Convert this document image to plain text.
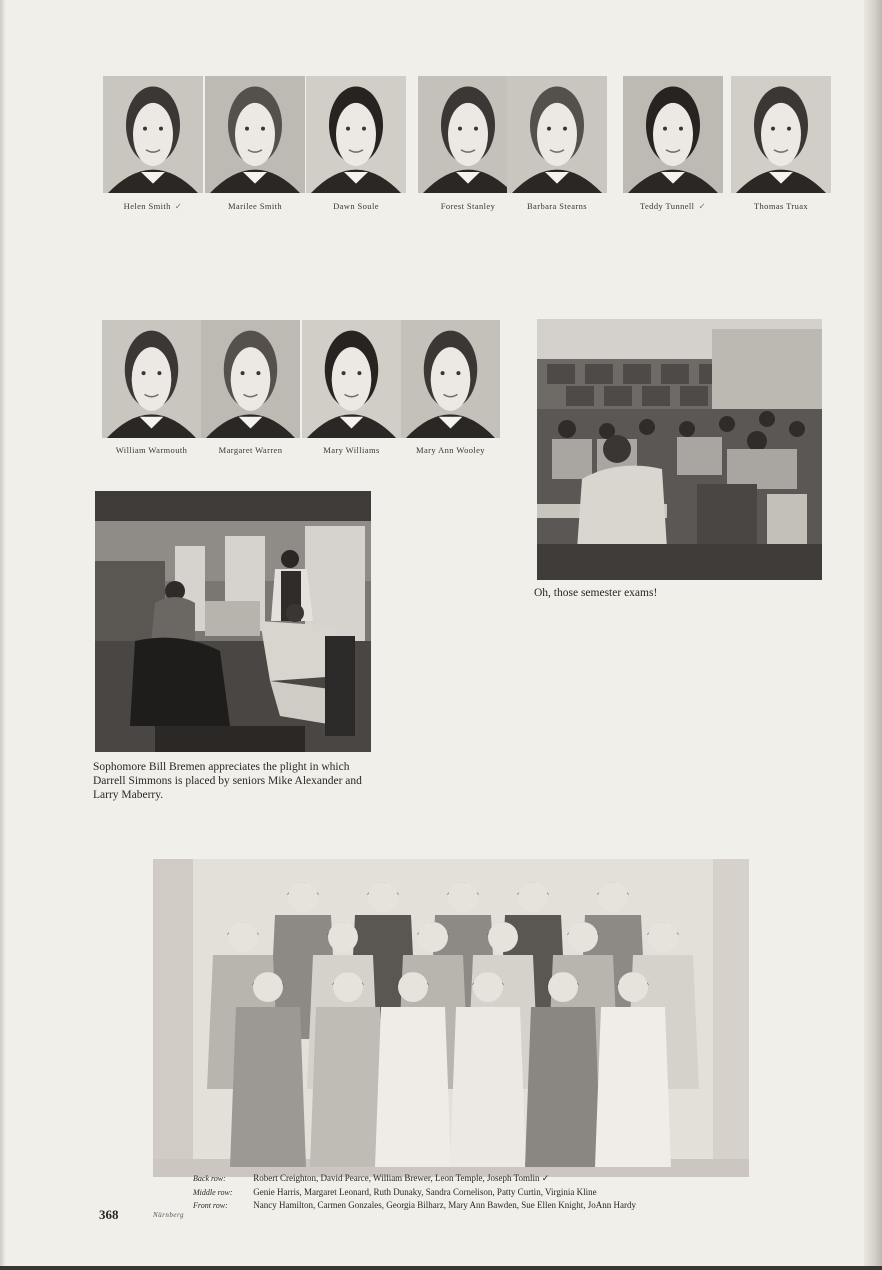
Helen Smith ✓	Marilee Smith	Dawn Soule	Forest Stanley	Barbara Stearns	Teddy Tunnell ✓	Thomas Truax
William Warmouth	Margaret Warren	Mary Williams	Mary Ann Wooley
Oh, those semester exams!
Sophomore Bill Bremen appreciates the plight in which Darrell Simmons is placed by seniors Mike Alexander and Larry Maberry.
Back row:	Robert Creighton, David Pearce, William Brewer, Leon Temple, Joseph Tomlin ✓
Middle row: Genie Harris, Margaret Leonard, Ruth Dunaky, Sandra Cornelison, Patty Curtin, Virginia Kline
Front row:	Nancy Hamilton, Carmen Gonzales, Georgia Bilharz, Mary Ann Bawden, Sue Ellen Knight, JoAnn Hardy
368	Nürnberg
